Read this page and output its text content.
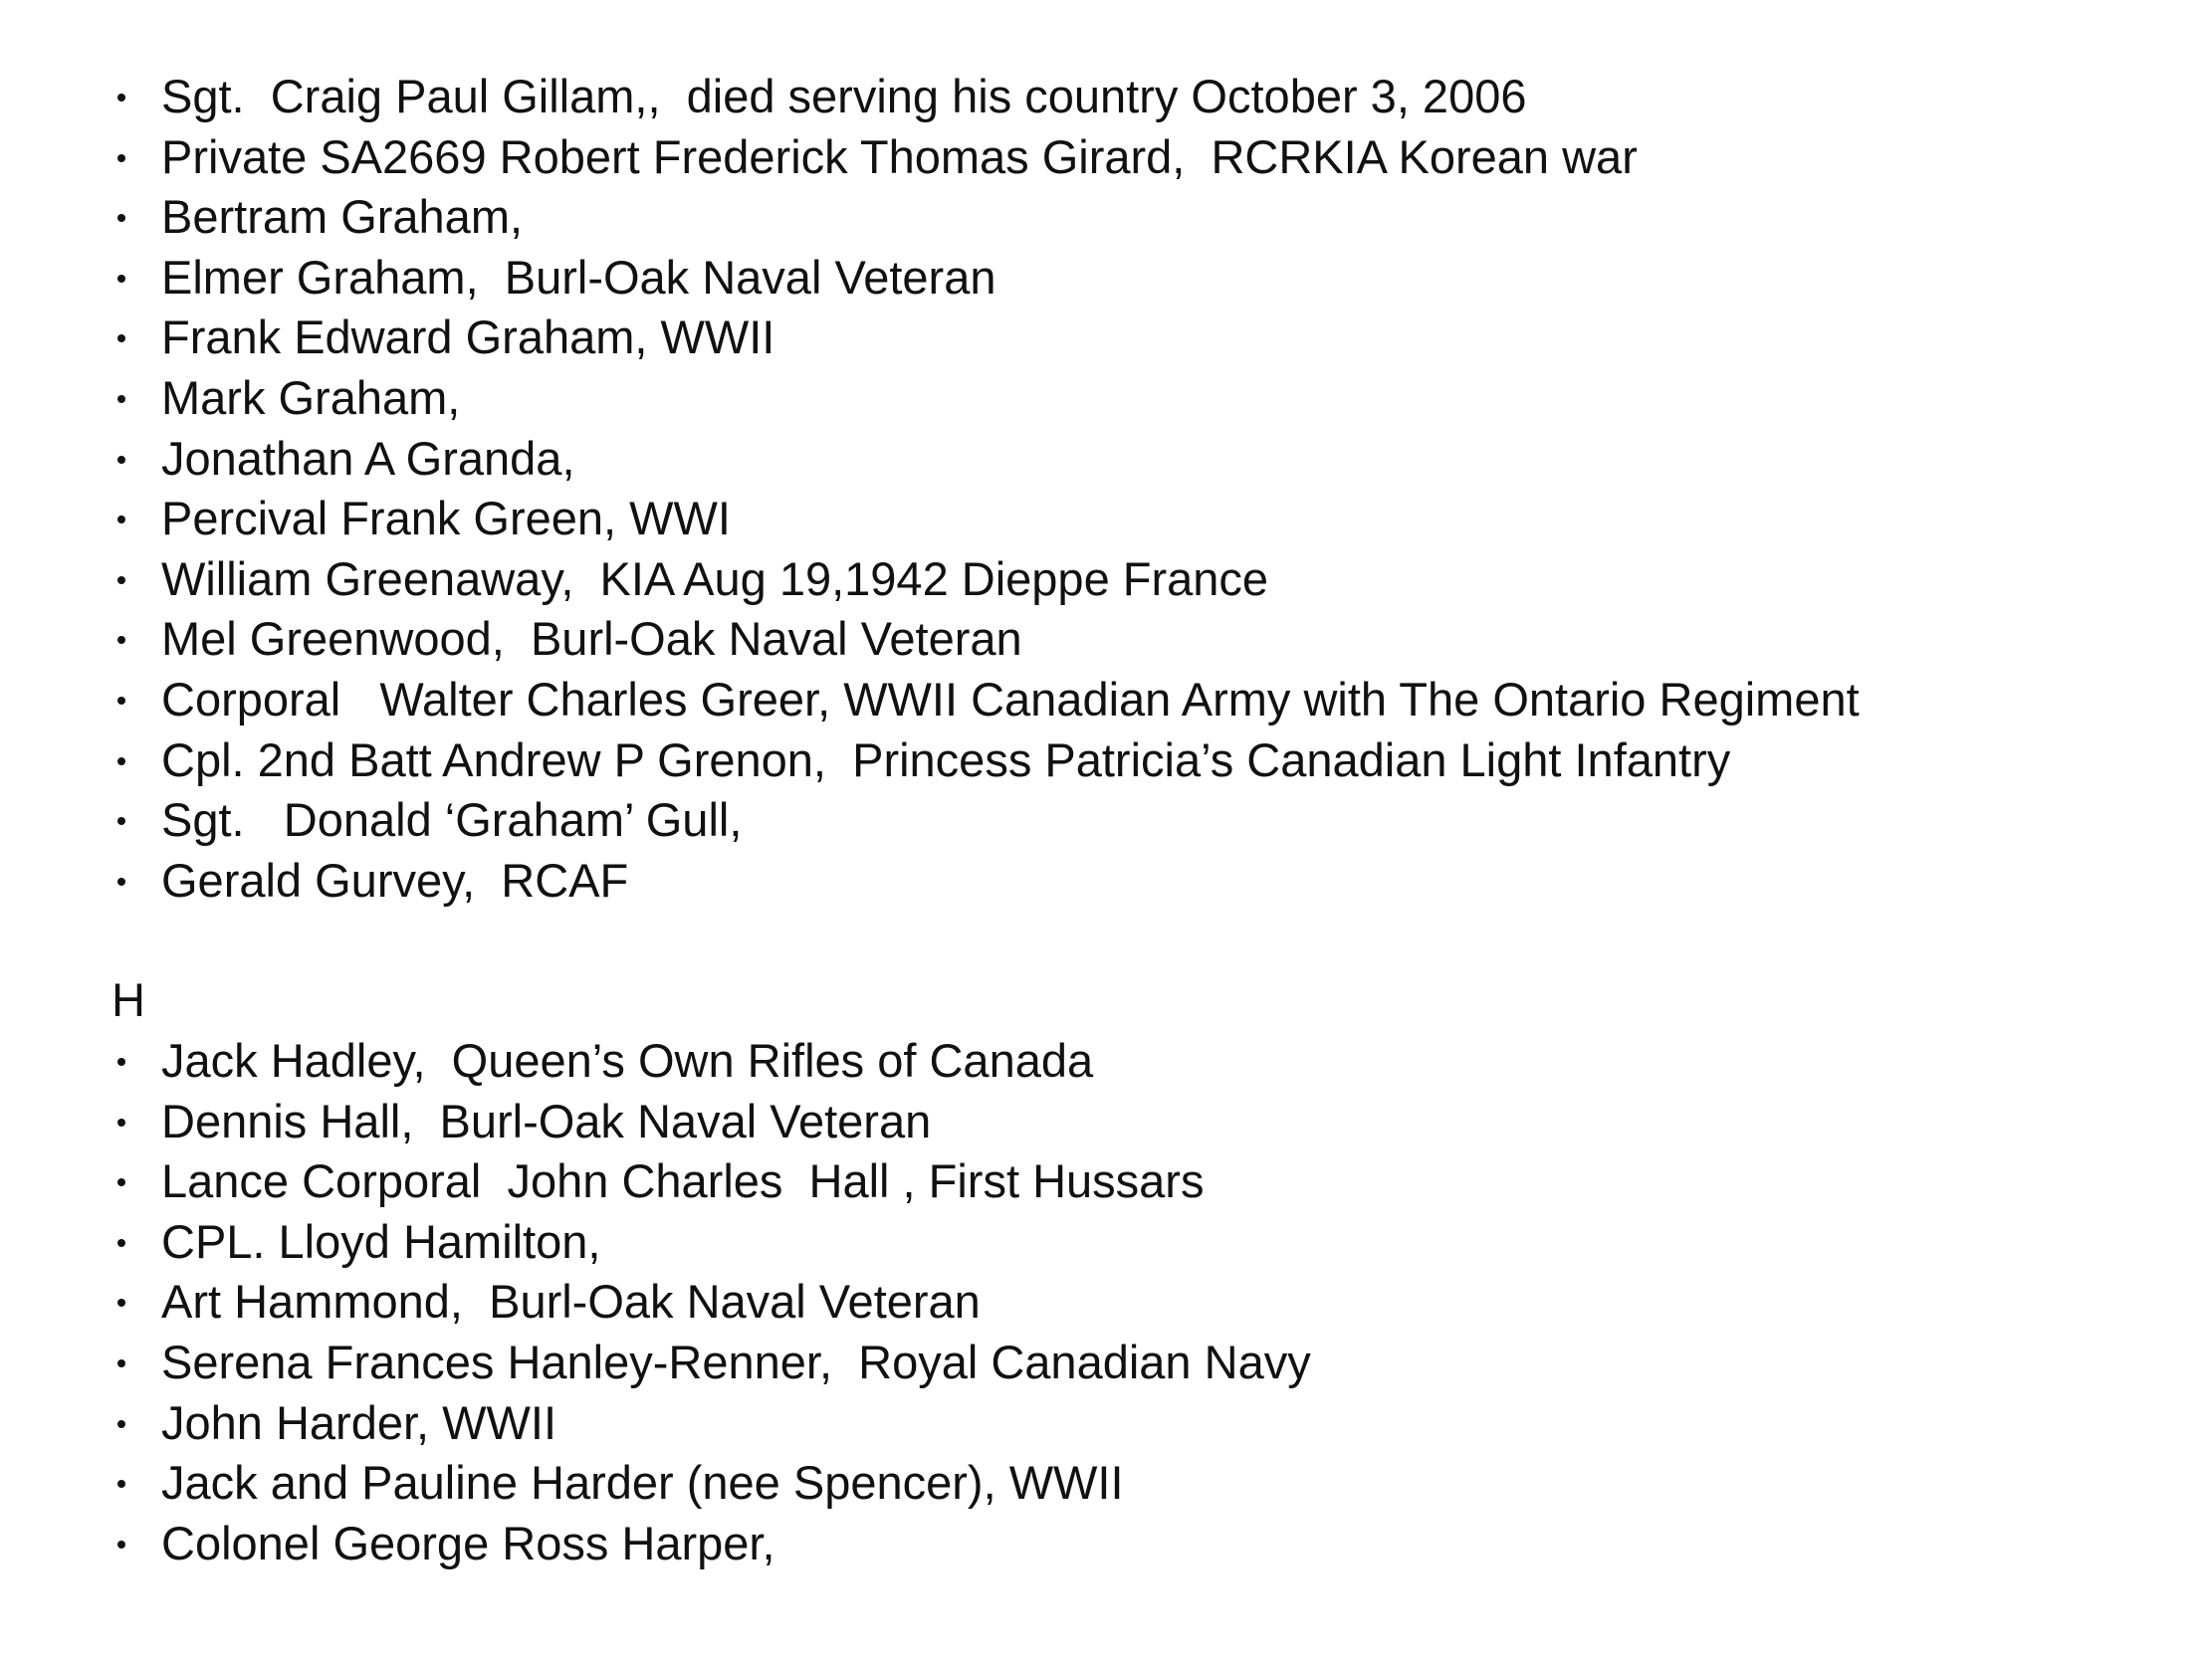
Sgt.  Craig Paul Gillam,,  died serving his country October 3, 2006
Private SA2669 Robert Frederick Thomas Girard,  RCRKIA Korean war
Bertram Graham,
Elmer Graham,  Burl-Oak Naval Veteran
Frank Edward Graham, WWII
Mark Graham,
Jonathan A Granda,
Percival Frank Green, WWI
William Greenaway,  KIA Aug 19,1942 Dieppe France
Mel Greenwood,  Burl-Oak Naval Veteran
Corporal   Walter Charles Greer, WWII Canadian Army with The Ontario Regiment
Cpl. 2nd Batt Andrew P Grenon,  Princess Patricia’s Canadian Light Infantry
Sgt.   Donald ‘Graham’ Gull,
Gerald Gurvey,  RCAF
H
Jack Hadley,  Queen’s Own Rifles of Canada
Dennis Hall,  Burl-Oak Naval Veteran
Lance Corporal  John Charles  Hall , First Hussars
CPL. Lloyd Hamilton,
Art Hammond,  Burl-Oak Naval Veteran
Serena Frances Hanley-Renner,  Royal Canadian Navy
John Harder, WWII
Jack and Pauline Harder (nee Spencer), WWII
Colonel George Ross Harper,
